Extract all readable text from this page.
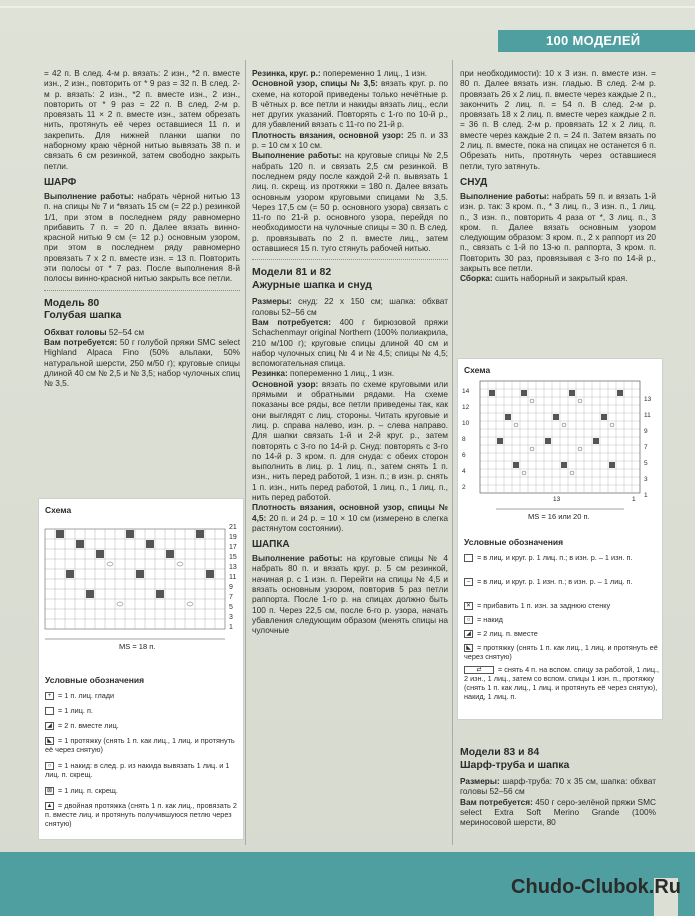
100 МОДЕЛЕЙ

= 42 п. В след. 4-м р. вязать: 2 изн., *2 п. вместе изн., 2 изн., повторить от * 9 раз = 32 п. В след. 2-м р. вязать: 2 изн., *2 п. вместе изн., 2 изн., повторить от * 9 раз = 22 п. В след. 2-м р. провязать 11 × 2 п. вместе изн., затем обрезать нить, протянуть её через оставшиеся 11 п. и закрепить. Для нижней планки шапки по наборному краю чёрной нитью вывязать 38 п. и связать 6 см резинкой, затем свободно закрыть петли.

ШАРФ

Выполнение работы: набрать чёрной нитью 13 п. на спицы № 7 и *вязать 15 см (= 22 р.) резинкой 1/1, при этом в последнем ряду равномерно прибавить 7 п. = 20 п. Далее вязать винно-красной нитью 9 см (= 12 р.) основным узором, при этом в последнем ряду равномерно провязать 7 х 2 п. вместе изн. = 13 п. Повторить эти полосы от * 7 раз. После выполнения 8-й полосы винно-красной нитью закрыть все петли.

Модель 80
Голубая шапка

Обхват головы 52–54 см

Вам потребуется: 50 г голубой пряжи SMC select Highland Alpaca Fino (50% альпаки, 50% натуральной шерсти, 250 м/50 г); круговые спицы длиной 40 см № 2,5 и № 3,5; набор чулочных спиц № 3,5.

Схема
MS = 18 п.
21
19
17
15
13
11
9
7
5
3
1
Условные обозначения
+ = 1 п. лиц. глади
= 1 лиц. п.
◢ = 2 п. вместе лиц.
◣ = 1 протяжку (снять 1 п. как лиц., 1 лиц. и протянуть её через снятую)
○ = 1 накид: в след. р. из накида вывязать 1 лиц. и 1 лиц. п. скрещ.
⊠ = 1 лиц. п. скрещ.
▲ = двойная протяжка (снять 1 п. как лиц., провязать 2 п. вместе лиц. и протянуть получившуюся петлю через снятую)

Резинка, круг. р.: попеременно 1 лиц., 1 изн.

Основной узор, спицы № 3,5: вязать круг. р. по схеме, на которой приведены только нечётные р. В чётных р. все петли и накиды вязать лиц., если нет других указаний. Повторять с 1-го по 10-й р., для убавлений вязать с 11-го по 21-й р.

Плотность вязания, основной узор: 25 п. и 33 р. = 10 см х 10 см.

Выполнение работы: на круговые спицы № 2,5 набрать 120 п. и связать 2,5 см резинкой. В последнем ряду после каждой 2-й п. вывязать 1 лиц. п. скрещ. из протяжки = 180 п. Далее вязать основным узором круговыми спицами № 3,5. Через 17,5 см (= 50 р. основного узора) связать с 11-го по 21-й р. основного узора, перейдя по необходимости на чулочные спицы = 30 п. В след. р. провязывать по 2 п. вместе лиц., затем оставшиеся 15 п. туго стянуть рабочей нитью.

Модели 81 и 82
Ажурные шапка и снуд

Размеры: снуд: 22 х 150 см; шапка: обхват головы 52–56 см

Вам потребуется: 400 г бирюзовой пряжи Schachenmayr original Northern (100% полиакрила, 210 м/100 г); круговые спицы длиной 40 см и набор чулочных спиц № 4 и № 4,5; спицы № 4,5; вспомогательная спица.

Резинка: попеременно 1 лиц., 1 изн.

Основной узор: вязать по схеме круговыми или прямыми и обратными рядами. На схеме показаны все ряды, все петли приведены так, как они выглядят с лиц. стороны. Читать круговые и лиц. р. справа налево, изн. р. – слева направо. Для шапки связать 1-й и 2-й круг. р., затем повторять с 3-го по 14-й р. Снуд: повторять с 3-го по 14-й р. 3 кром. п. для снуда: с обеих сторон выполнить в лиц. р. 1 лиц. п., затем снять 1 п. изн., нить перед работой, 1 изн. п.; в изн. р. снять 1 п. изн., нить перед работой, 1 лиц. п., 1 лиц. п., нить перед работой.

Плотность вязания, основной узор, спицы № 4,5: 20 п. и 24 р. = 10 × 10 см (измерено в слегка растянутом состоянии).

ШАПКА

Выполнение работы: на круговые спицы № 4 набрать 80 п. и вязать круг. р. 5 см резинкой, начиная р. с 1 изн. п. Перейти на спицы № 4,5 и вязать основным узором, повторив 5 раз петли раппорта. После 1-го р. на спицах должно быть 100 п. Через 22,5 см, после 6-го р. узора, начать убавления следующим образом (менять спицы на чулочные

при необходимости): 10 х 3 изн. п. вместе изн. = 80 п. Далее вязать изн. гладью. В след. 2-м р. провязать 26 х 2 лиц. п. вместе через каждые 2 п., закончить 2 лиц. п. = 54 п. В след. 2-м р. провязать 18 х 2 лиц. п. вместе через каждые 2 п. = 36 п. В след. 2-м р. провязать 12 х 2 лиц. п. вместе через каждые 2 п. = 24 п. Затем вязать по 2 лиц. п. вместе, пока на спицах не останется 6 п. Обрезать нить, протянуть через оставшиеся петли, туго затянуть.

СНУД

Выполнение работы: набрать 59 п. и вязать 1-й изн. р. так: 3 кром. п., * 3 лиц. п., 3 изн. п., 1 лиц. п., 3 изн. п., повторить 4 раза от *, 3 лиц. п., 3 кром. п. Далее вязать основным узором следующим образом: 3 кром. п., 2 х раппорт из 20 п., связать с 1-й по 13-ю п. раппорта, 3 кром. п. Повторить 30 раз, провязывая с 3-го по 14-й р., закрыть все петли.

Сборка: сшить наборный и закрытый края.

Схема
13	1
MS = 16 или 20 п.
14
12
10
8
6
4
2
13
11
9
7
5
3
1
Условные обозначения
= в лиц. и круг. р. 1 лиц. п.; в изн. р. – 1 изн. п.
– = в лиц. и круг. р. 1 изн. п.; в изн. р. – 1 лиц. п.
✕ = прибавить 1 п. изн. за заднюю стенку
○ = накид
◢ = 2 лиц. п. вместе
◣ = протяжку (снять 1 п. как лиц., 1 лиц. и протянуть её через снятую)
⇄ = снять 4 п. на вспом. спицу за работой, 1 лиц., 2 изн., 1 лиц., затем со вспом. спицы 1 изн. п., протяжку (снять 1 п. как лиц., 1 лиц. и протянуть её через снятую), накид, 1 лиц. п.
Модели 83 и 84
Шарф-труба и шапка

Размеры: шарф-труба: 70 х 35 см, шапка: обхват головы 52–56 см

Вам потребуется: 450 г серо-зелёной пряжи SMC select Extra Soft Merino Grande (100% мериносовой шерсти, 80

Chudo-Clubok.Ru
